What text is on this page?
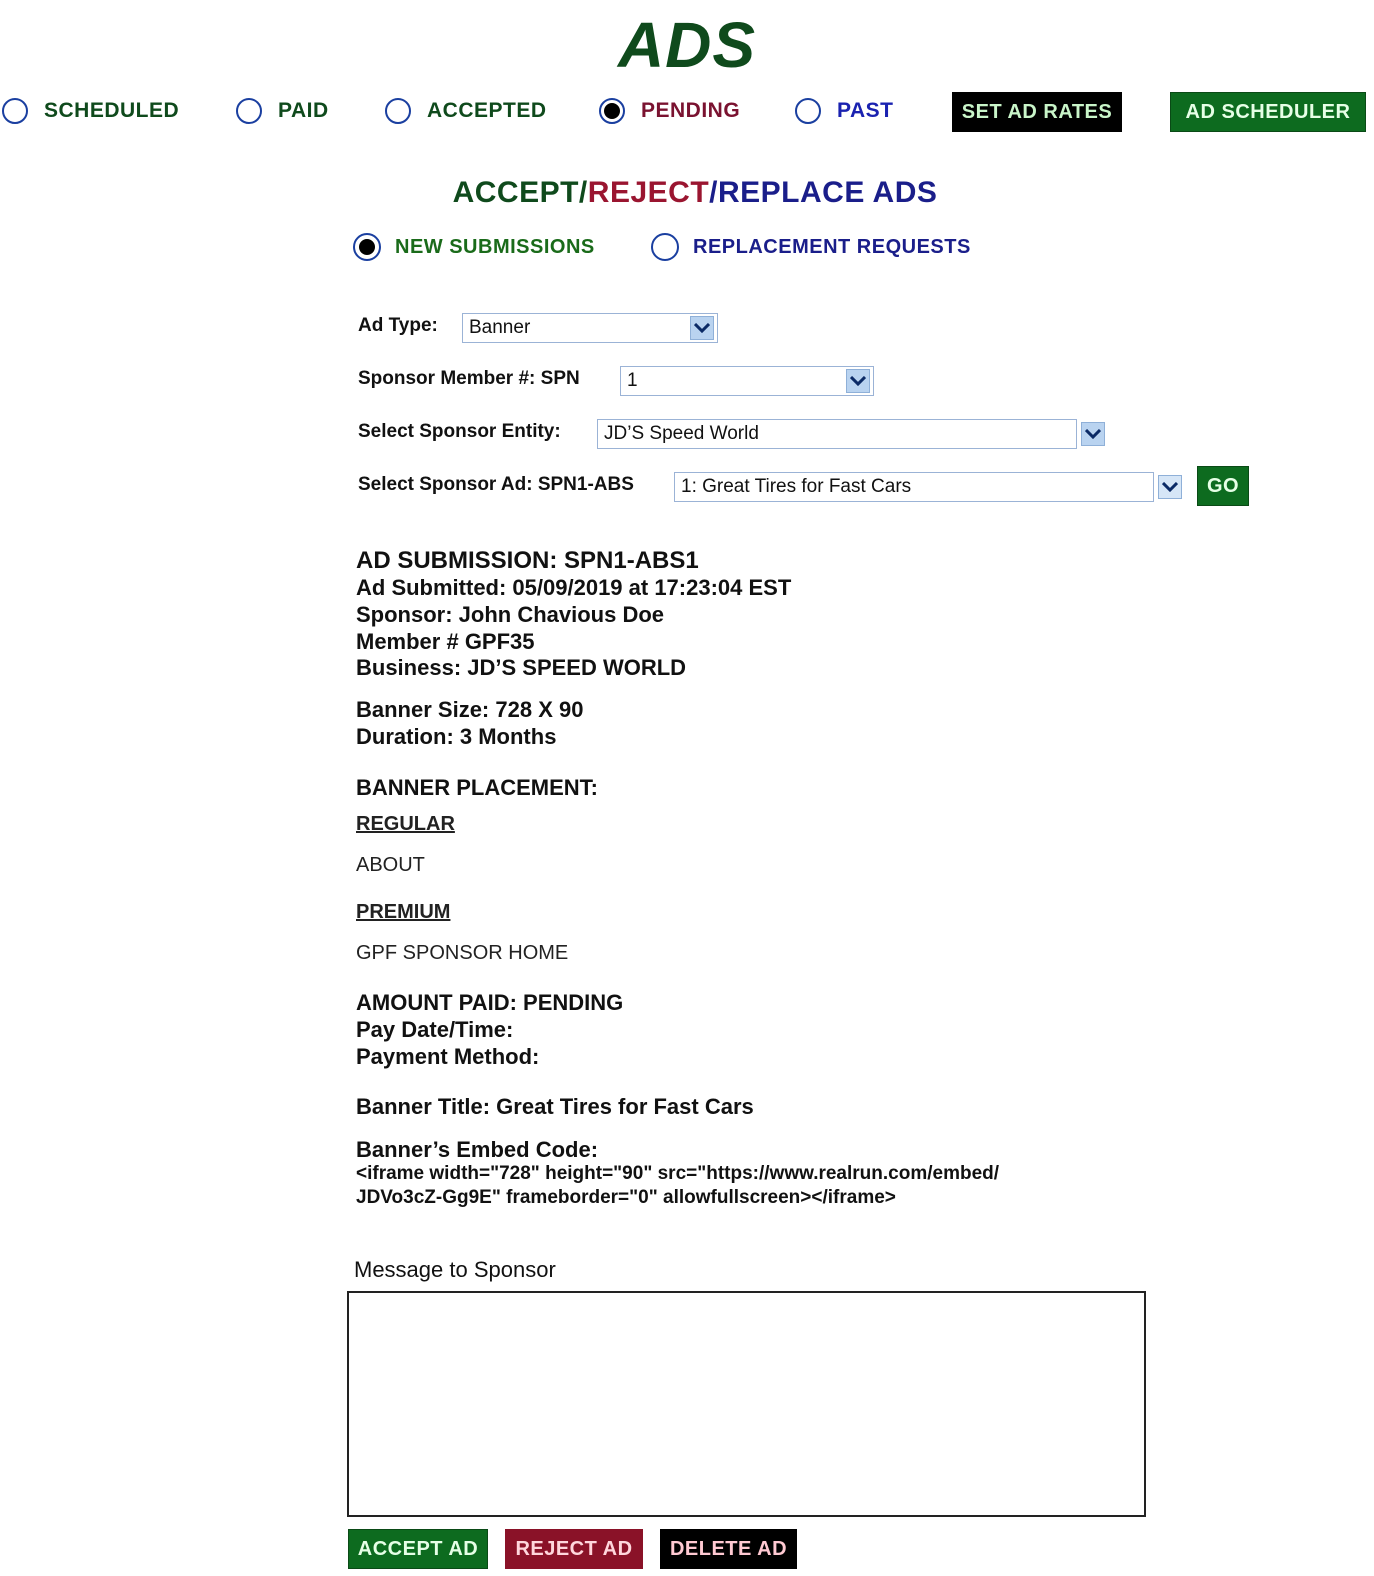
ADS
SCHEDULED	PAID	ACCEPTED	PENDING	PAST	SET AD RATES	AD SCHEDULER
ACCEPT/REJECT/REPLACE ADS
NEW SUBMISSIONS	REPLACEMENT REQUESTS
Ad Type: Banner
Sponsor Member #: SPN 1
Select Sponsor Entity: JD’S Speed World
Select Sponsor Ad: SPN1-ABS 1: Great Tires for Fast Cars	GO
AD SUBMISSION: SPN1-ABS1
Ad Submitted: 05/09/2019 at 17:23:04 EST
Sponsor: John Chavious Doe
Member # GPF35
Business: JD’S SPEED WORLD
Banner Size: 728 X 90
Duration: 3 Months
BANNER PLACEMENT:
REGULAR
ABOUT
PREMIUM
GPF SPONSOR HOME
AMOUNT PAID: PENDING
Pay Date/Time:
Payment Method:
Banner Title: Great Tires for Fast Cars
Banner’s Embed Code:
<iframe width="728" height="90" src="https://www.realrun.com/embed/
JDVo3cZ-Gg9E" frameborder="0" allowfullscreen></iframe>
Message to Sponsor
ACCEPT AD	REJECT AD	DELETE AD
